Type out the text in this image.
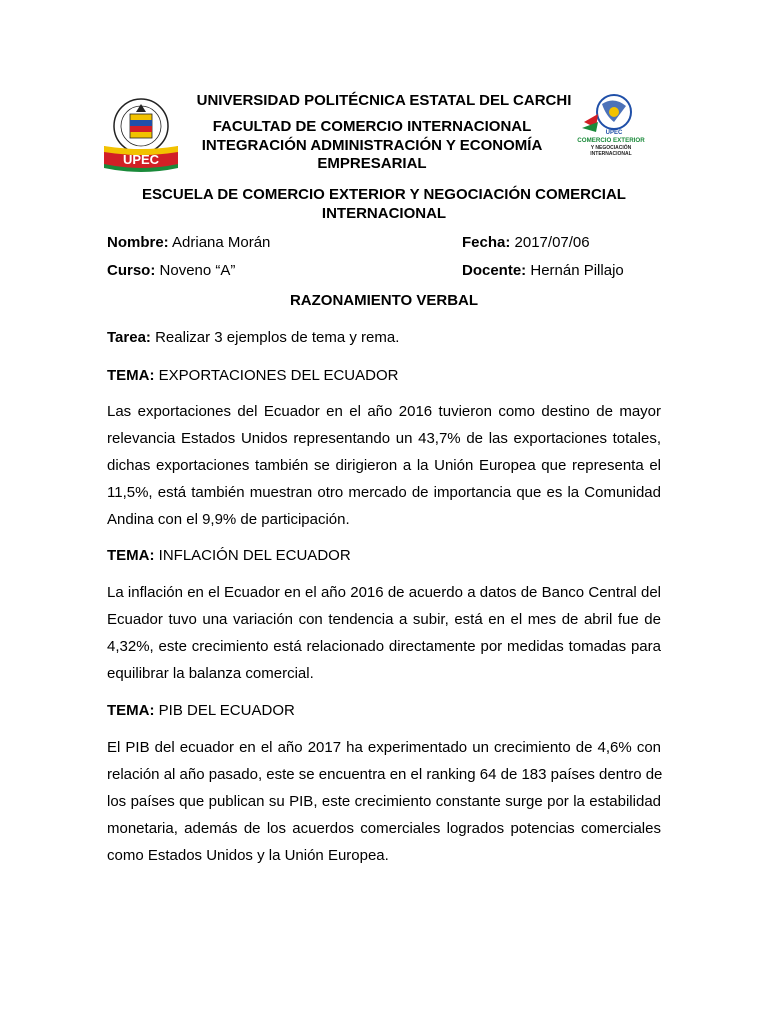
UPEC
UPEC
COMERCIO EXTERIOR
Y NEGOCIACIÓN
INTERNACIONAL
UNIVERSIDAD POLITÉCNICA ESTATAL DEL CARCHI
FACULTAD DE COMERCIO INTERNACIONAL
INTEGRACIÓN ADMINISTRACIÓN Y ECONOMÍA
EMPRESARIAL
ESCUELA DE COMERCIO EXTERIOR Y NEGOCIACIÓN COMERCIAL
INTERNACIONAL
Nombre: Adriana Morán	Fecha: 2017/07/06
Curso: Noveno “A”	Docente: Hernán Pillajo
RAZONAMIENTO VERBAL
Tarea: Realizar 3 ejemplos de tema y rema.
TEMA: EXPORTACIONES DEL ECUADOR
Las exportaciones del Ecuador en el año 2016 tuvieron como destino de mayor
relevancia Estados Unidos representando un 43,7% de las exportaciones totales,
dichas exportaciones también se dirigieron a la Unión Europea que representa el
11,5%, está también muestran otro mercado de importancia que es la Comunidad
Andina con el 9,9% de participación.
TEMA: INFLACIÓN DEL ECUADOR
La inflación en el Ecuador en el año 2016 de acuerdo a datos de Banco Central del
Ecuador tuvo una variación con tendencia a subir, está en el mes de abril fue de
4,32%, este crecimiento está relacionado directamente por medidas tomadas para
equilibrar la balanza comercial.
TEMA: PIB DEL ECUADOR
El PIB del ecuador en el año 2017 ha experimentado un crecimiento de 4,6% con
relación al año pasado, este se encuentra en el ranking 64 de 183 países dentro de
los países que publican su PIB, este crecimiento constante surge por la estabilidad
monetaria, además de los acuerdos comerciales logrados potencias comerciales
como Estados Unidos y la Unión Europea.
